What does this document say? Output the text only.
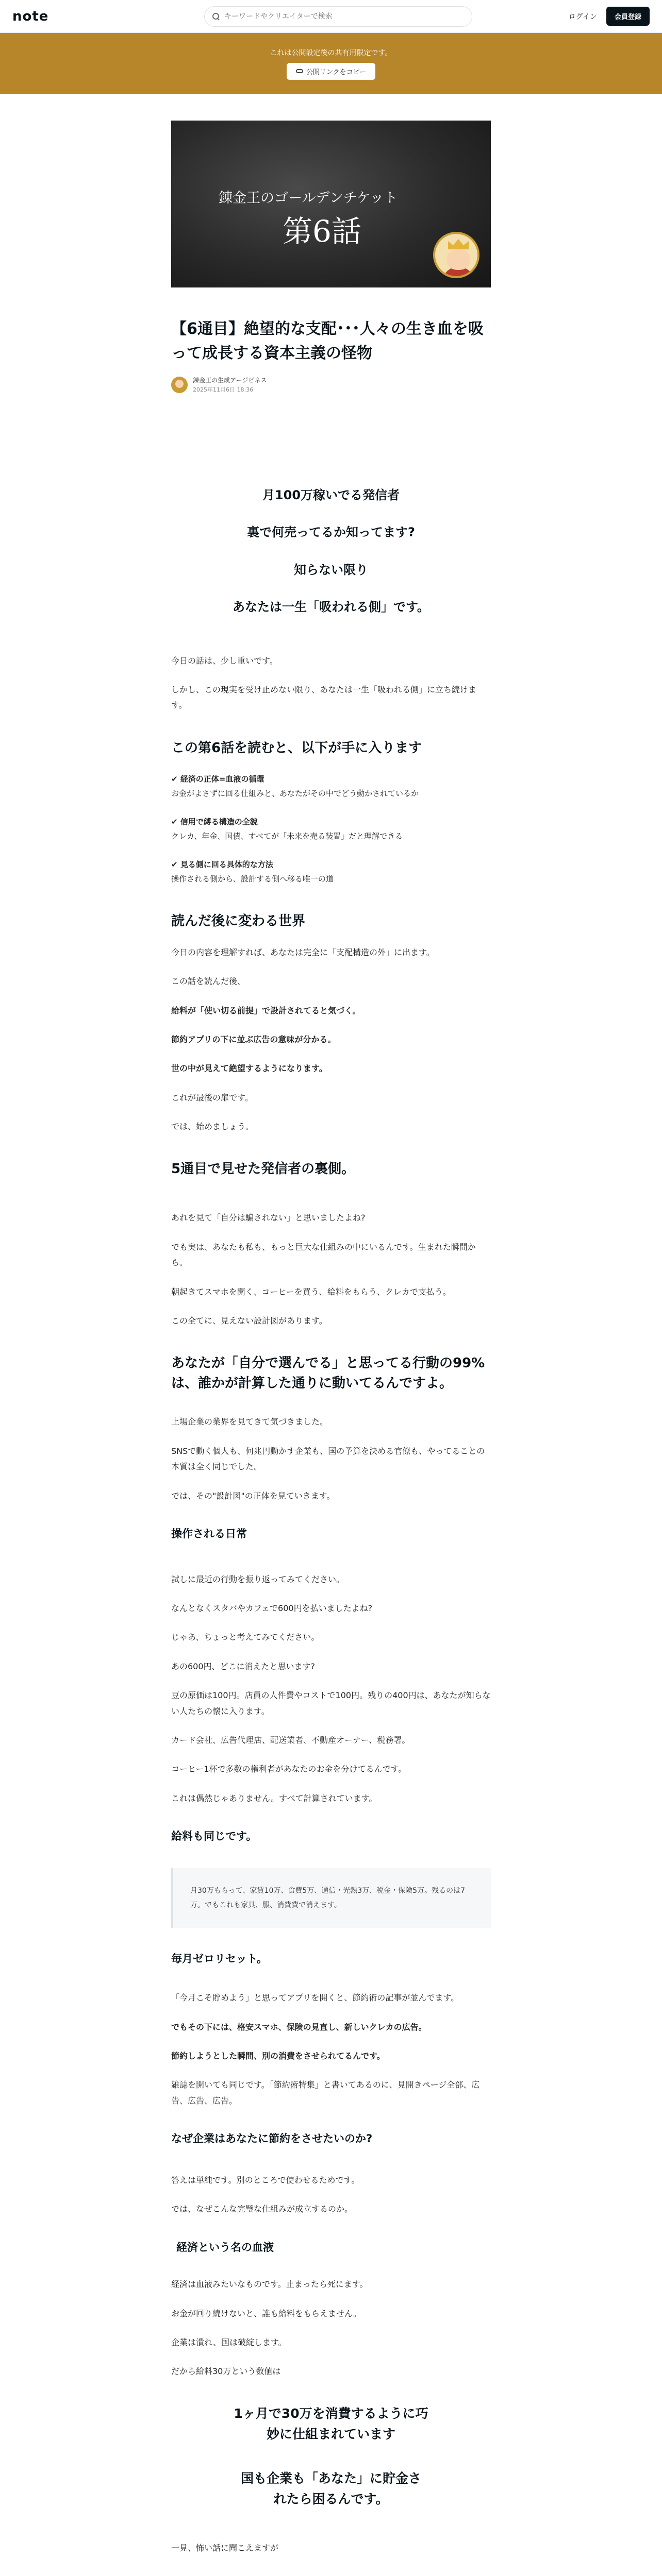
note
キーワードやクリエイターで検索	ログイン	会員登録
これは公開設定後の共有用限定です。
公開リンクをコピー
錬金王のゴールデンチケット
第6話
【6通目】絶望的な支配･･･人々の生き血を吸って成長する資本主義の怪物
錬金王の生成アージビネス
2025年11月6日 18:36

月100万稼いでる発信者

裏で何売ってるか知ってます?

知らない限り

あなたは一生「吸われる側」です。

今日の話は、少し重いです。

しかし、この現実を受け止めない限り、あなたは一生「吸われる側」に立ち続けます。

この第6話を読むと、以下が手に入ります
✔ 経済の正体=血液の循環
お金がよさずに回る仕組みと、あなたがその中でどう動かされているか
✔ 信用で縛る構造の全貌
クレカ、年金、国債、すべてが「未来を売る装置」だと理解できる
✔ 見る側に回る具体的な方法
操作される側から、設計する側へ移る唯一の道
読んだ後に変わる世界

今日の内容を理解すれば、あなたは完全に「支配構造の外」に出ます。

この話を読んだ後、

給料が「使い切る前提」で設計されてると気づく。

節約アプリの下に並ぶ広告の意味が分かる。

世の中が見えて絶望するようになります。

これが最後の扉です。

では、始めましょう。

5通目で見せた発信者の裏側。

あれを見て「自分は騙されない」と思いましたよね?

でも実は、あなたも私も、もっと巨大な仕組みの中にいるんです。生まれた瞬間から。

朝起きてスマホを開く、コーヒーを買う、給料をもらう、クレカで支払う。

この全てに、見えない設計図があります。

あなたが「自分で選んでる」と思ってる行動の99%は、誰かが計算した通りに動いてるんですよ。

上場企業の業界を見てきて気づきました。

SNSで動く個人も、何兆円動かす企業も、国の予算を決める官僚も、やってることの本質は全く同じでした。

では、その"設計図"の正体を見ていきます。

操作される日常

試しに最近の行動を振り返ってみてください。

なんとなくスタバやカフェで600円を払いましたよね?

じゃあ、ちょっと考えてみてください。

あの600円、どこに消えたと思います?

豆の原価は100円。店員の人件費やコストで100円。残りの400円は、あなたが知らない人たちの懐に入ります。

カード会社、広告代理店、配送業者、不動産オーナー、税務署。

コーヒー1杯で多数の権利者があなたのお金を分けてるんです。

これは偶然じゃありません。すべて計算されています。

給料も同じです。
月30万もらって、家賃10万、食費5万、通信・光熱3万、税金・保険5万。残るのは7万。でもこれも家具、服、消費費で消えます。
毎月ゼロリセット。

「今月こそ貯めよう」と思ってアプリを開くと、節約術の記事が並んでます。

でもその下には、格安スマホ、保険の見直し、新しいクレカの広告。

節約しようとした瞬間、別の消費をさせられてるんです。

雑誌を開いても同じです。「節約術特集」と書いてあるのに、見開きページ全部、広告、広告、広告。

なぜ企業はあなたに節約をさせたいのか?

答えは単純です。別のところで使わせるためです。

では、なぜこんな完璧な仕組みが成立するのか。

経済という名の血液

経済は血液みたいなものです。止まったら死にます。

お金が回り続けないと、誰も給料をもらえません。

企業は潰れ、国は破綻します。

だから給料30万という数値は

1ヶ月で30万を消費するように巧妙に仕組まれています
国も企業も「あなた」に貯金されたら困るんです。

一見、怖い話に聞こえますが
